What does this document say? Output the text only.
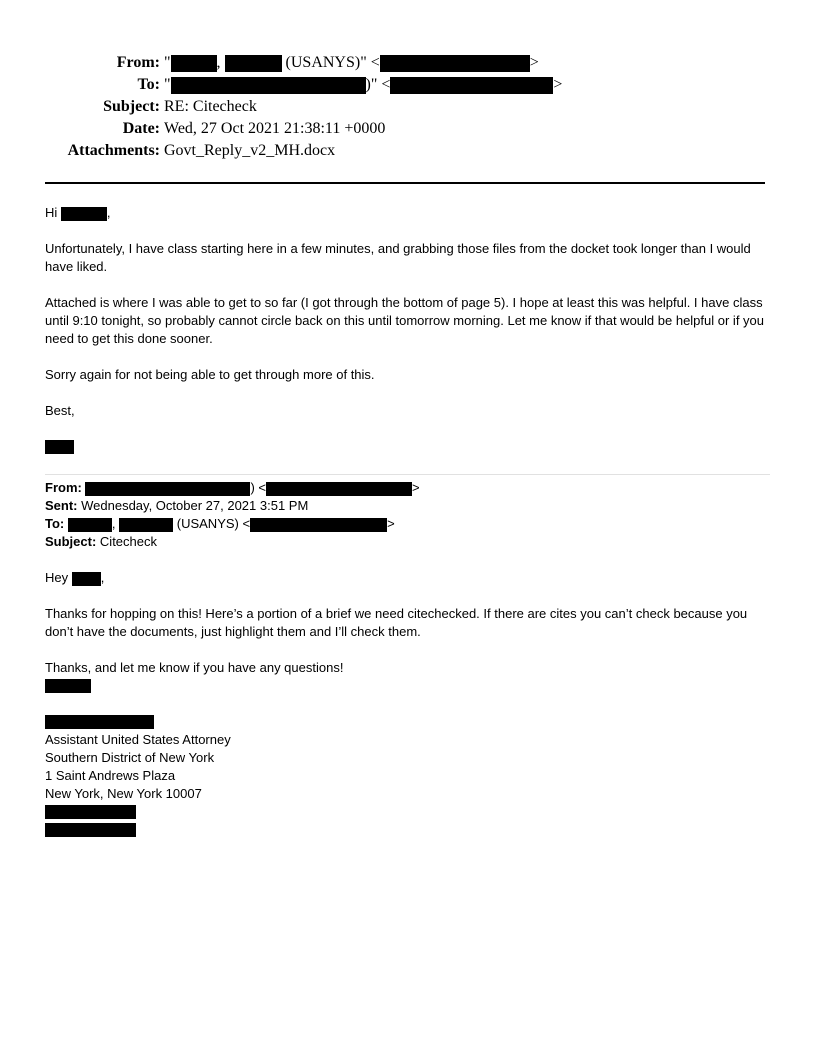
From: "	,	(USANYS)" <	>
To: "	)" <	>
Subject: RE: Citecheck
Date: Wed, 27 Oct 2021 21:38:11 +0000
Attachments: Govt_Reply_v2_MH.docx
Hi	,
Unfortunately, I have class starting here in a few minutes, and grabbing those files from the docket took longer than I would have liked.
Attached is where I was able to get to so far (I got through the bottom of page 5). I hope at least this was helpful. I have class until 9:10 tonight, so probably cannot circle back on this until tomorrow morning. Let me know if that would be helpful or if you need to get this done sooner.
Sorry again for not being able to get through more of this.
Best,
From:	) <	>
Sent: Wednesday, October 27, 2021 3:51 PM
To:	,	(USANYS) <	>
Subject: Citecheck
Hey	,
Thanks for hopping on this! Here’s a portion of a brief we need citechecked. If there are cites you can’t check because you don’t have the documents, just highlight them and I’ll check them.
Thanks, and let me know if you have any questions!
Assistant United States Attorney
Southern District of New York
1 Saint Andrews Plaza
New York, New York 10007
